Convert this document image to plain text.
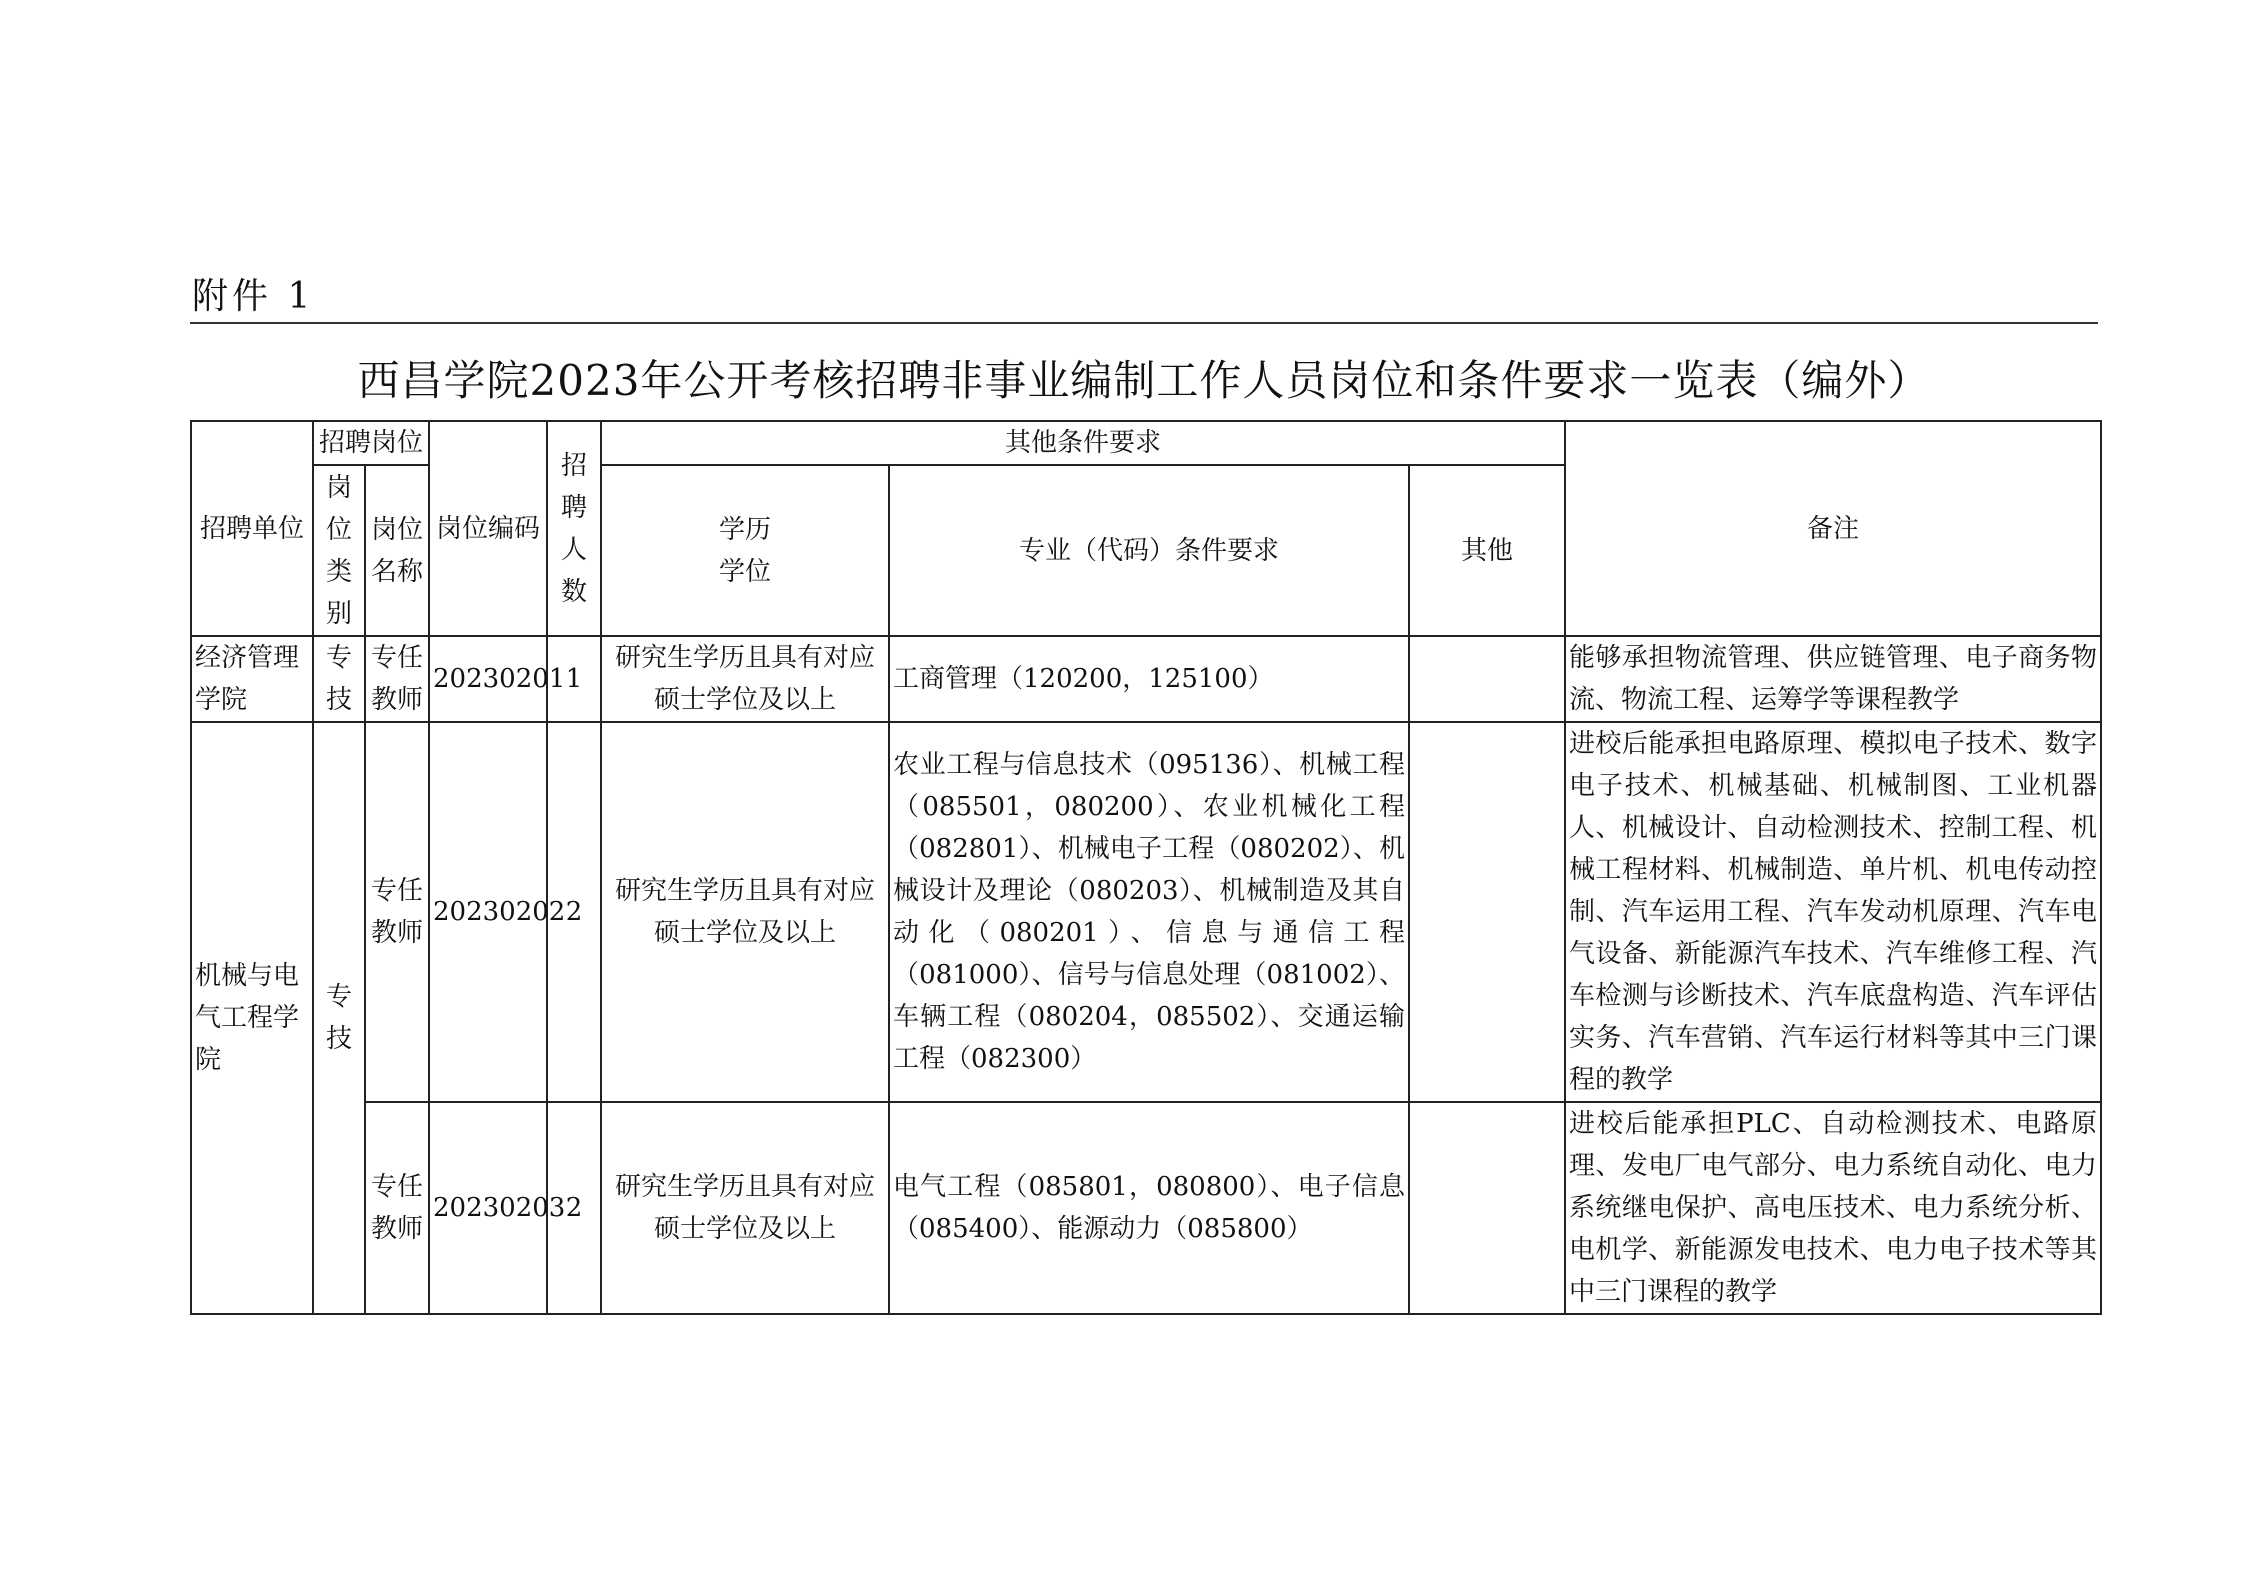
附件 1
西昌学院2023年公开考核招聘非事业编制工作人员岗位和条件要求一览表（编外）
招聘单位	招聘岗位		岗位编码	招聘人数	其他条件要求			备注
	岗位类别	岗位名称			学历学位	专业（代码）条件要求	其他	
经济管理学院	专技	专任教师	20230201	1	研究生学历且具有对应硕士学位及以上	工商管理（120200，125100）		能够承担物流管理、供应链管理、电子商务物流、物流工程、运筹学等课程教学
机械与电气工程学院	专技	专任教师	20230202	2	研究生学历且具有对应硕士学位及以上	农业工程与信息技术（095136）、机械工程（085501，080200）、农业机械化工程（082801）、机械电子工程（080202）、机械设计及理论（080203）、机械制造及其自动化（080201）、信息与通信工程（081000）、信号与信息处理（081002）、车辆工程（080204，085502）、交通运输工程（082300）		进校后能承担电路原理、模拟电子技术、数字电子技术、机械基础、机械制图、工业机器人、机械设计、自动检测技术、控制工程、机械工程材料、机械制造、单片机、机电传动控制、汽车运用工程、汽车发动机原理、汽车电气设备、新能源汽车技术、汽车维修工程、汽车检测与诊断技术、汽车底盘构造、汽车评估实务、汽车营销、汽车运行材料等其中三门课程的教学
		专任教师	20230203	2	研究生学历且具有对应硕士学位及以上	电气工程（085801，080800）、电子信息（085400）、能源动力（085800）		进校后能承担PLC、自动检测技术、电路原理、发电厂电气部分、电力系统自动化、电力系统继电保护、高电压技术、电力系统分析、电机学、新能源发电技术、电力电子技术等其中三门课程的教学
